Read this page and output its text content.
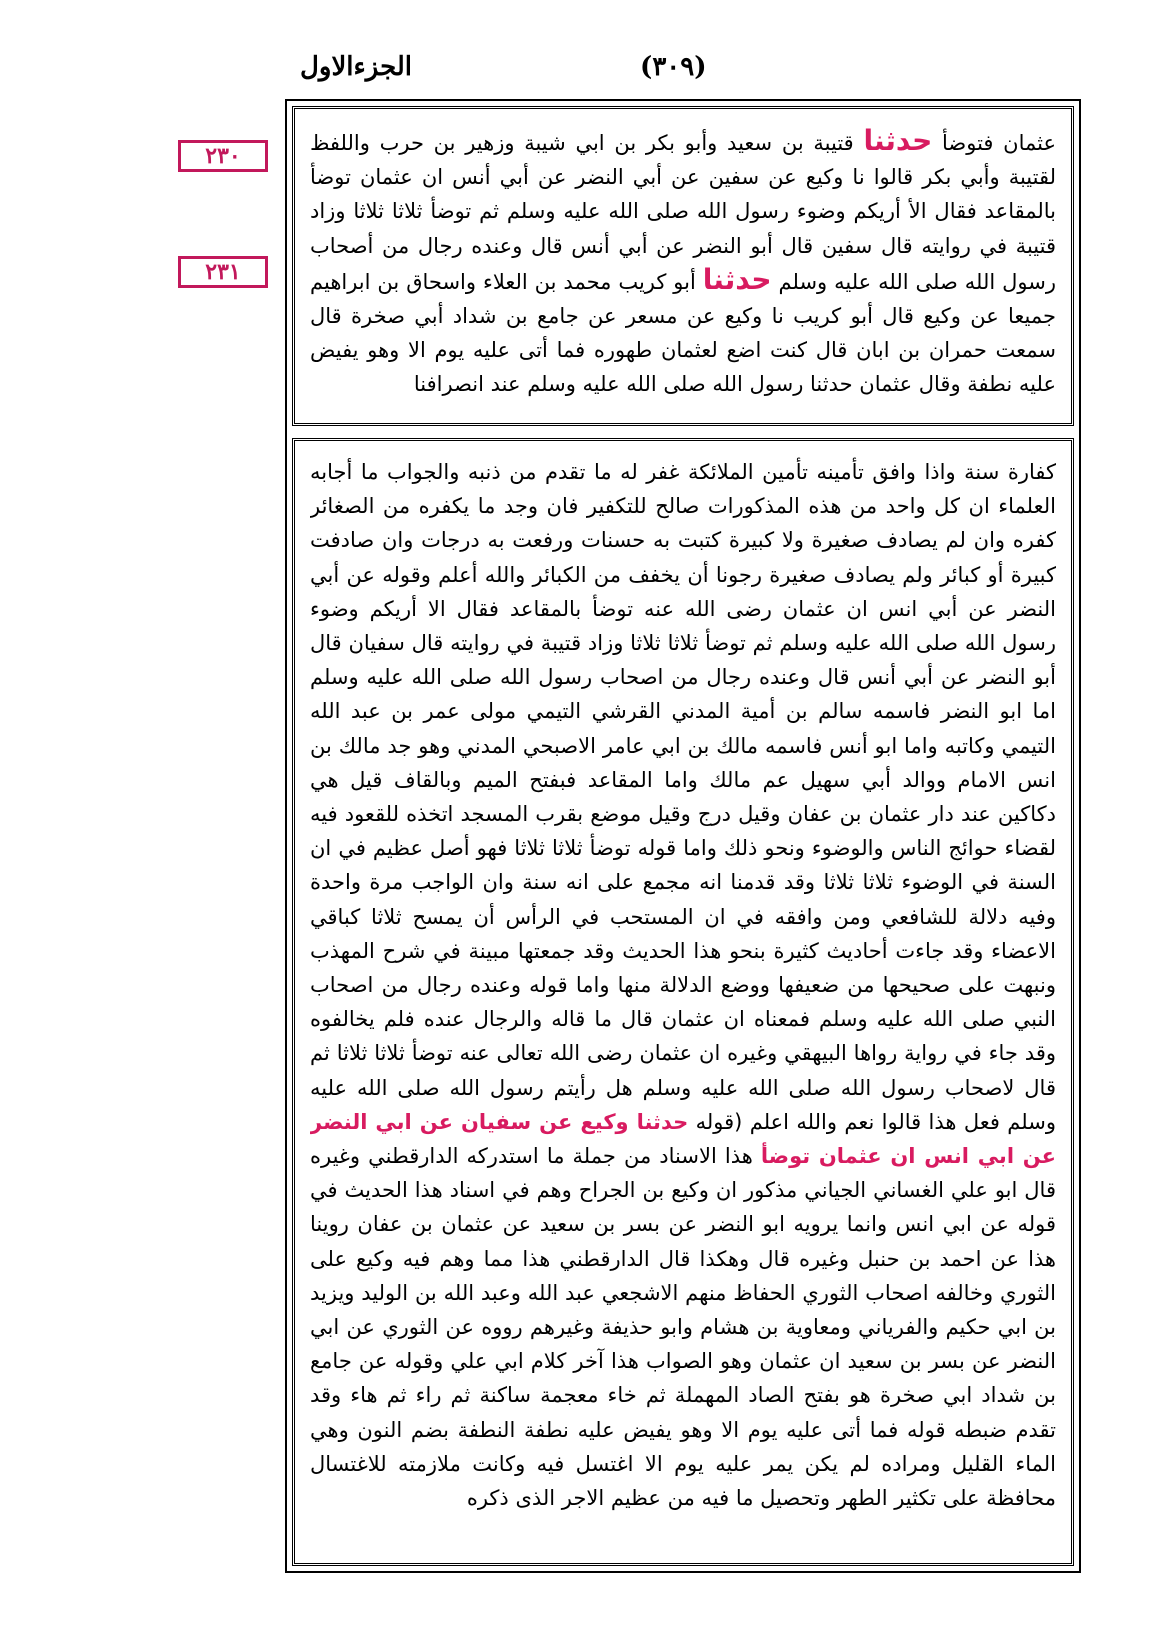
الجزءالاول	(٣٠٩)
٢٣٠
٢٣١
عثمان فتوضأ حدثنا قتيبة بن سعيد وأبو بكر بن ابي شيبة وزهير بن حرب واللفظ لقتيبة وأبي بكر قالوا نا وكيع عن سفين عن أبي النضر عن أبي أنس ان عثمان توضأ بالمقاعد فقال الأ أريكم وضوء رسول الله صلى الله عليه وسلم ثم توضأ ثلاثا ثلاثا وزاد قتيبة في روايته قال سفين قال أبو النضر عن أبي أنس قال وعنده رجال من أصحاب رسول الله صلى الله عليه وسلم حدثنا أبو كريب محمد بن العلاء واسحاق بن ابراهيم جميعا عن وكيع قال أبو كريب نا وكيع عن مسعر عن جامع بن شداد أبي صخرة قال سمعت حمران بن ابان قال كنت اضع لعثمان طهوره فما أتى عليه يوم الا وهو يفيض عليه نطفة وقال عثمان حدثنا رسول الله صلى الله عليه وسلم عند انصرافنا
كفارة سنة واذا وافق تأمينه تأمين الملائكة غفر له ما تقدم من ذنبه والجواب ما أجابه العلماء ان كل واحد من هذه المذكورات صالح للتكفير فان وجد ما يكفره من الصغائر كفره وان لم يصادف صغيرة ولا كبيرة كتبت به حسنات ورفعت به درجات وان صادفت كبيرة أو كبائر ولم يصادف صغيرة رجونا أن يخفف من الكبائر والله أعلم وقوله عن أبي النضر عن أبي انس ان عثمان رضى الله عنه توضأ بالمقاعد فقال الا أريكم وضوء رسول الله صلى الله عليه وسلم ثم توضأ ثلاثا ثلاثا وزاد قتيبة في روايته قال سفيان قال أبو النضر عن أبي أنس قال وعنده رجال من اصحاب رسول الله صلى الله عليه وسلم اما ابو النضر فاسمه سالم بن أمية المدني القرشي التيمي مولى عمر بن عبد الله التيمي وكاتبه واما ابو أنس فاسمه مالك بن ابي عامر الاصبحي المدني وهو جد مالك بن انس الامام ووالد أبي سهيل عم مالك واما المقاعد فبفتح الميم وبالقاف قيل هي دكاكين عند دار عثمان بن عفان وقيل درج وقيل موضع بقرب المسجد اتخذه للقعود فيه لقضاء حوائج الناس والوضوء ونحو ذلك واما قوله توضأ ثلاثا ثلاثا فهو أصل عظيم في ان السنة في الوضوء ثلاثا ثلاثا وقد قدمنا انه مجمع على انه سنة وان الواجب مرة واحدة وفيه دلالة للشافعي ومن وافقه في ان المستحب في الرأس أن يمسح ثلاثا كباقي الاعضاء وقد جاءت أحاديث كثيرة بنحو هذا الحديث وقد جمعتها مبينة في شرح المهذب ونبهت على صحيحها من ضعيفها ووضع الدلالة منها واما قوله وعنده رجال من اصحاب النبي صلى الله عليه وسلم فمعناه ان عثمان قال ما قاله والرجال عنده فلم يخالفوه وقد جاء في رواية رواها البيهقي وغيره ان عثمان رضى الله تعالى عنه توضأ ثلاثا ثلاثا ثم قال لاصحاب رسول الله صلى الله عليه وسلم هل رأيتم رسول الله صلى الله عليه وسلم فعل هذا قالوا نعم والله اعلم (قوله حدثنا وكيع عن سفيان عن ابي النضر عن ابي انس ان عثمان توضأ هذا الاسناد من جملة ما استدركه الدارقطني وغيره قال ابو علي الغساني الجياني مذكور ان وكيع بن الجراح وهم في اسناد هذا الحديث في قوله عن ابي انس وانما يرويه ابو النضر عن بسر بن سعيد عن عثمان بن عفان روينا هذا عن احمد بن حنبل وغيره قال وهكذا قال الدارقطني هذا مما وهم فيه وكيع على الثوري وخالفه اصحاب الثوري الحفاظ منهم الاشجعي عبد الله وعبد الله بن الوليد ويزيد بن ابي حكيم والفرياني ومعاوية بن هشام وابو حذيفة وغيرهم رووه عن الثوري عن ابي النضر عن بسر بن سعيد ان عثمان وهو الصواب هذا آخر كلام ابي علي وقوله عن جامع بن شداد ابي صخرة هو بفتح الصاد المهملة ثم خاء معجمة ساكنة ثم راء ثم هاء وقد تقدم ضبطه قوله فما أتى عليه يوم الا وهو يفيض عليه نطفة النطفة بضم النون وهي الماء القليل ومراده لم يكن يمر عليه يوم الا اغتسل فيه وكانت ملازمته للاغتسال محافظة على تكثير الطهر وتحصيل ما فيه من عظيم الاجر الذى ذكره
